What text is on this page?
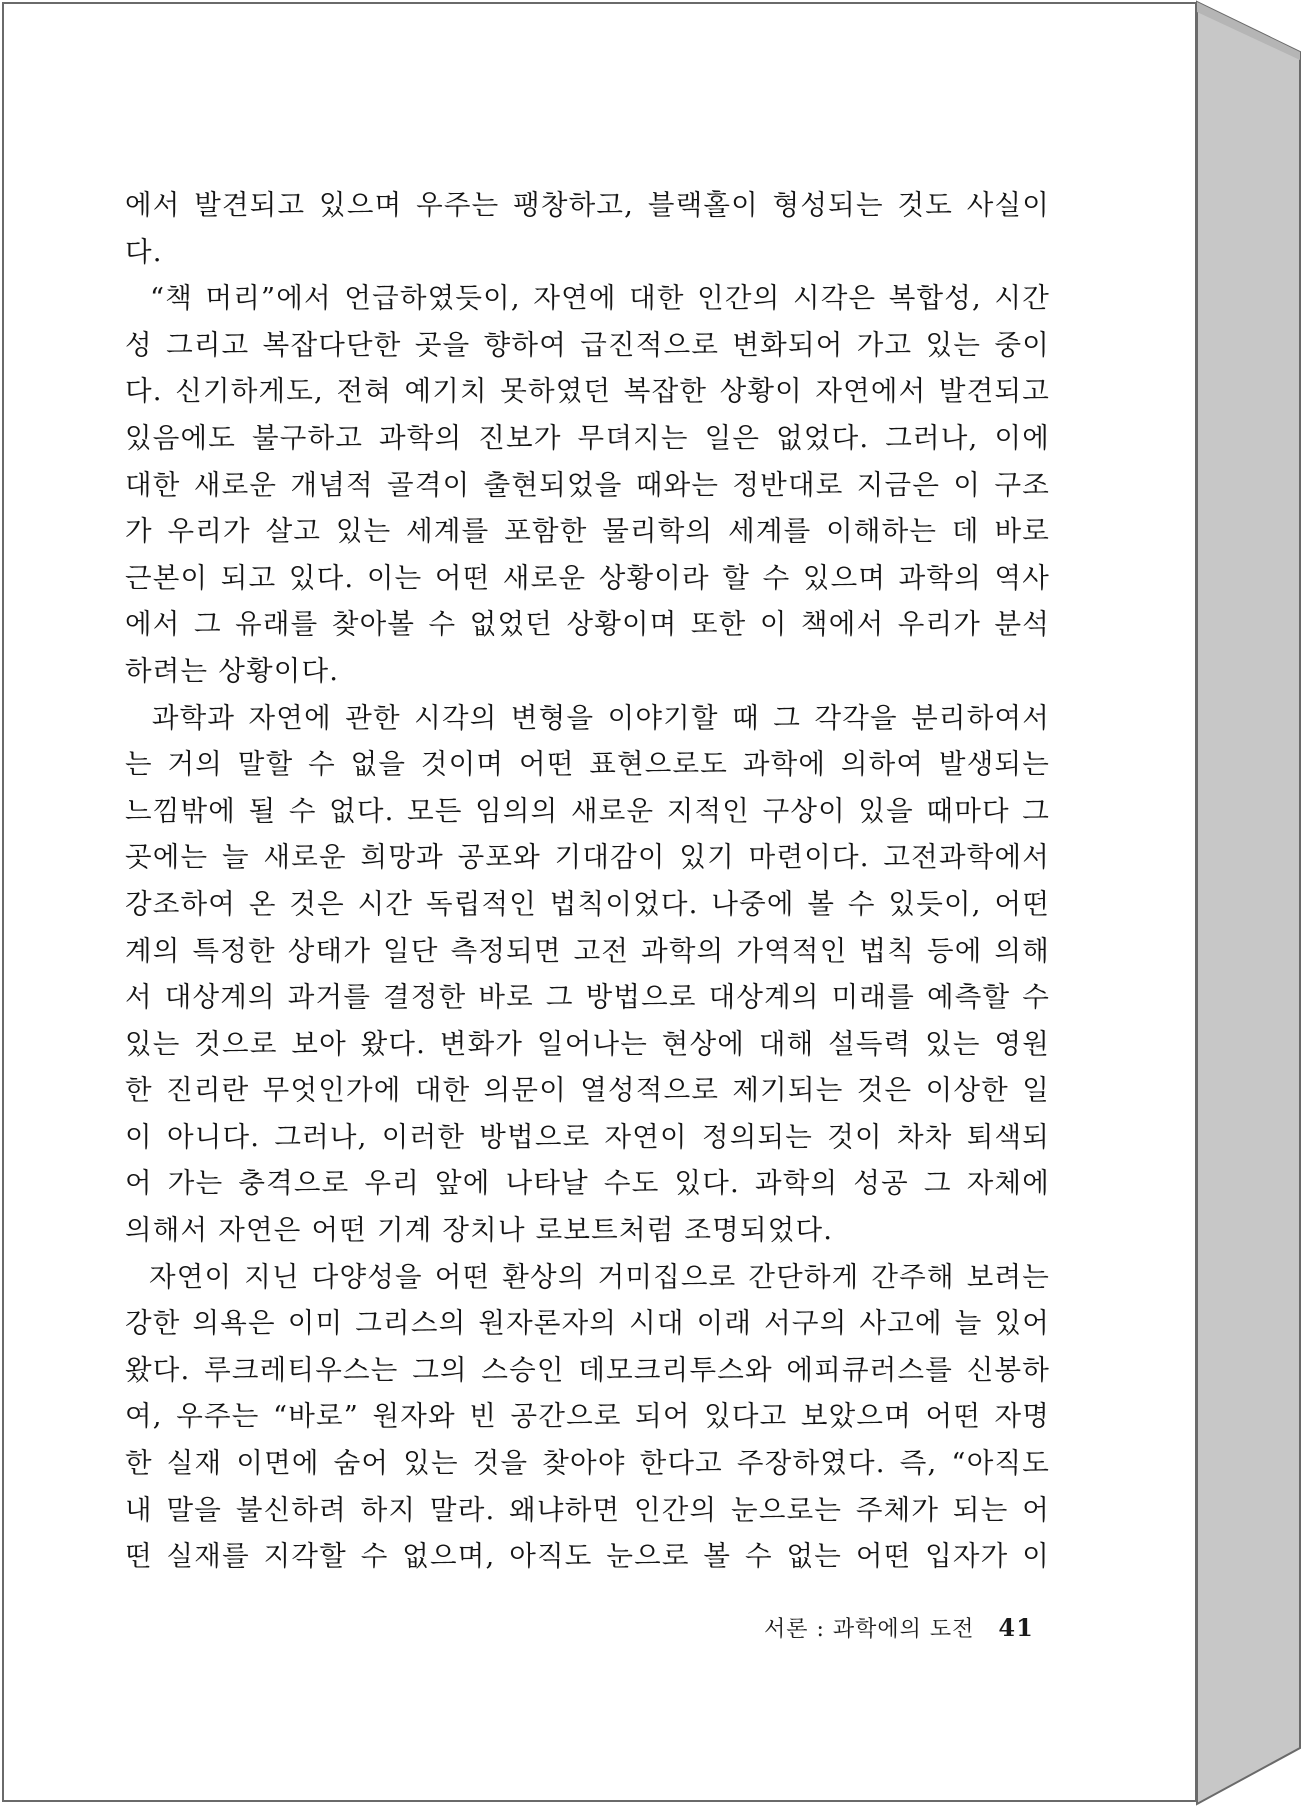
에서 발견되고 있으며 우주는 팽창하고, 블랙홀이 형성되는 것도 사실이
다.
“책 머리”에서 언급하였듯이, 자연에 대한 인간의 시각은 복합성, 시간
성 그리고 복잡다단한 곳을 향하여 급진적으로 변화되어 가고 있는 중이
다. 신기하게도, 전혀 예기치 못하였던 복잡한 상황이 자연에서 발견되고
있음에도 불구하고 과학의 진보가 무뎌지는 일은 없었다. 그러나, 이에
대한 새로운 개념적 골격이 출현되었을 때와는 정반대로 지금은 이 구조
가 우리가 살고 있는 세계를 포함한 물리학의 세계를 이해하는 데 바로
근본이 되고 있다. 이는 어떤 새로운 상황이라 할 수 있으며 과학의 역사
에서 그 유래를 찾아볼 수 없었던 상황이며 또한 이 책에서 우리가 분석
하려는 상황이다.
과학과 자연에 관한 시각의 변형을 이야기할 때 그 각각을 분리하여서
는 거의 말할 수 없을 것이며 어떤 표현으로도 과학에 의하여 발생되는
느낌밖에 될 수 없다. 모든 임의의 새로운 지적인 구상이 있을 때마다 그
곳에는 늘 새로운 희망과 공포와 기대감이 있기 마련이다. 고전과학에서
강조하여 온 것은 시간 독립적인 법칙이었다. 나중에 볼 수 있듯이, 어떤
계의 특정한 상태가 일단 측정되면 고전 과학의 가역적인 법칙 등에 의해
서 대상계의 과거를 결정한 바로 그 방법으로 대상계의 미래를 예측할 수
있는 것으로 보아 왔다. 변화가 일어나는 현상에 대해 설득력 있는 영원
한 진리란 무엇인가에 대한 의문이 열성적으로 제기되는 것은 이상한 일
이 아니다. 그러나, 이러한 방법으로 자연이 정의되는 것이 차차 퇴색되
어 가는 충격으로 우리 앞에 나타날 수도 있다. 과학의 성공 그 자체에
의해서 자연은 어떤 기계 장치나 로보트처럼 조명되었다.
자연이 지닌 다양성을 어떤 환상의 거미집으로 간단하게 간주해 보려는
강한 의욕은 이미 그리스의 원자론자의 시대 이래 서구의 사고에 늘 있어
왔다. 루크레티우스는 그의 스승인 데모크리투스와 에피큐러스를 신봉하
여, 우주는 “바로” 원자와 빈 공간으로 되어 있다고 보았으며 어떤 자명
한 실재 이면에 숨어 있는 것을 찾아야 한다고 주장하였다. 즉, “아직도
내 말을 불신하려 하지 말라. 왜냐하면 인간의 눈으로는 주체가 되는 어
떤 실재를 지각할 수 없으며, 아직도 눈으로 볼 수 없는 어떤 입자가 이
서론 : 과학에의 도전 41
